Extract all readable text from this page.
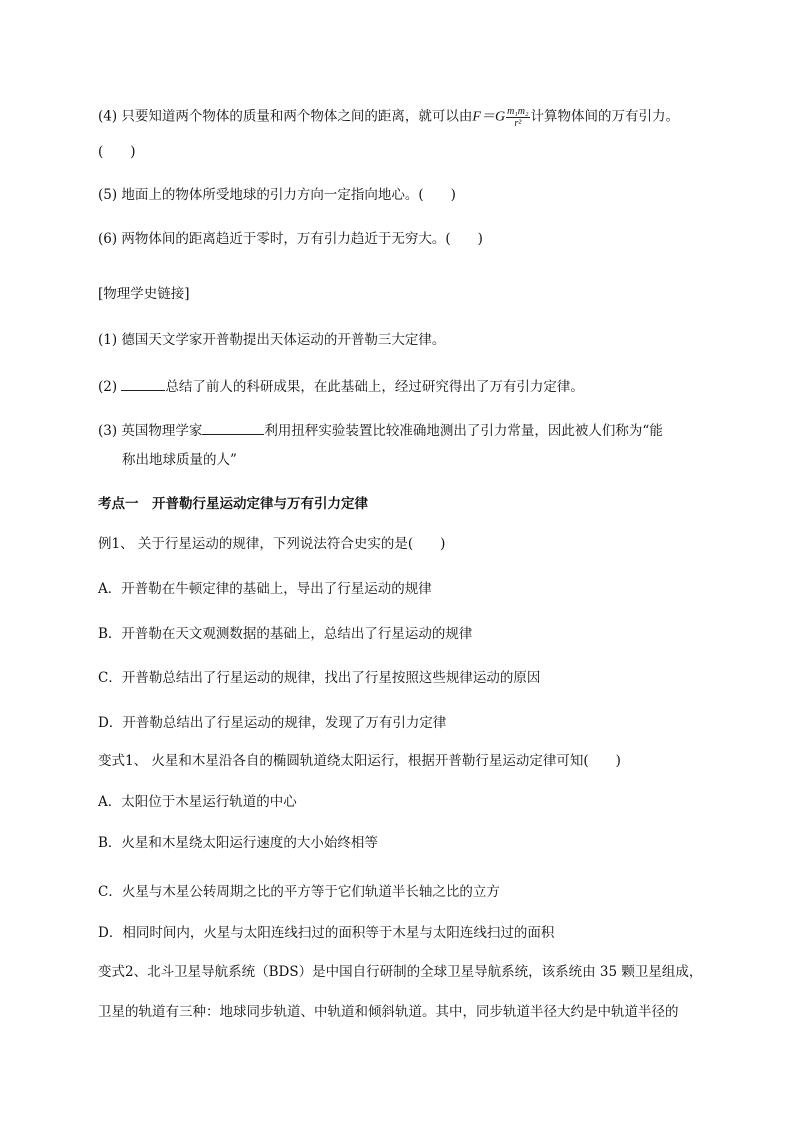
(4) 只要知道两个物体的质量和两个物体之间的距离，就可以由$F=G \frac{\text{m₁m₂}}{\text{r²}}$ 计算物体间的万有引力。
(　　)
(5) 地面上的物体所受地球的引力方向一定指向地心。(　　)
(6) 两物体间的距离趋近于零时，万有引力趋近于无穷大。(　　)
[物理学史链接]
(1) 德国天文学家开普勒提出天体运动的开普勒三大定律。
(2)	总结了前人的科研成果，在此基础上，经过研究得出了万有引力定律。
(3) 英国物理学家	利用扭秤实验装置比较准确地测出了引力常量，因此被人们称为“能
称出地球质量的人”
考点一　开普勒行星运动定律与万有引力定律
例1、 关于行星运动的规律，下列说法符合史实的是(　　)
A．开普勒在牛顿定律的基础上，导出了行星运动的规律
B．开普勒在天文观测数据的基础上，总结出了行星运动的规律
C．开普勒总结出了行星运动的规律，找出了行星按照这些规律运动的原因
D．开普勒总结出了行星运动的规律，发现了万有引力定律
变式1、 火星和木星沿各自的椭圆轨道绕太阳运行，根据开普勒行星运动定律可知(　　)
A．太阳位于木星运行轨道的中心
B．火星和木星绕太阳运行速度的大小始终相等
C．火星与木星公转周期之比的平方等于它们轨道半长轴之比的立方
D．相同时间内，火星与太阳连线扫过的面积等于木星与太阳连线扫过的面积
变式2、北斗卫星导航系统（BDS）是中国自行研制的全球卫星导航系统，该系统由 35 颗卫星组成，
卫星的轨道有三种：地球同步轨道、中轨道和倾斜轨道。其中，同步轨道半径大约是中轨道半径的
